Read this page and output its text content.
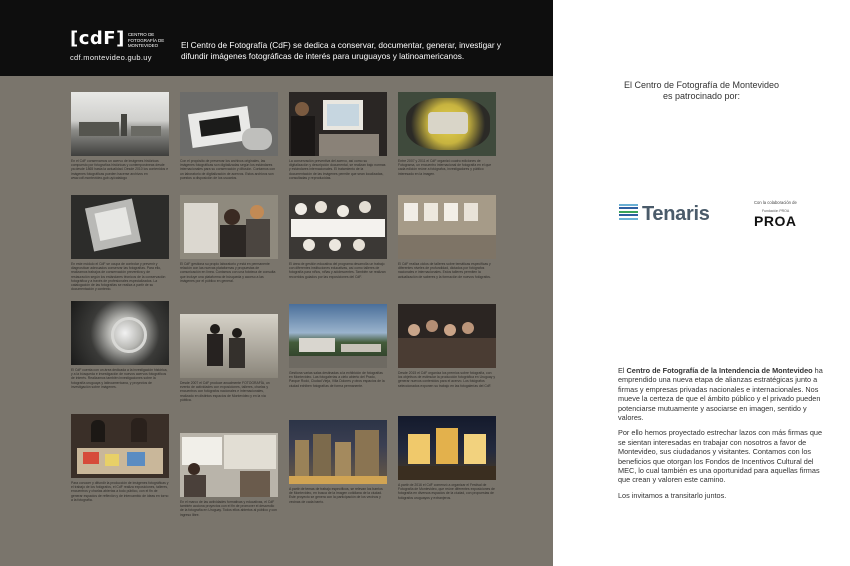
[cdF] CENTRO DE FOTOGRAFÍA DE MONTEVIDEO
cdf.montevideo.gub.uy
El Centro de Fotografía (CdF) se dedica a conservar, documentar, generar, investigar y difundir imágenes fotográficas de interés para uruguayos y latinoamericanos.
En el CdF conservamos un acervo de imágenes históricas compuesto por fotografías históricas y contemporáneas desde ya desde 1865 hasta la actualidad. Desde 2010 los contenidos e imágenes fotográficas pueden hacerse archivos en www.cdf.montevideo.gub.uy/catalogo
En este módulo el CdF se ocupa de controlar y prevenir y diagnosticar adecuados conservar las fotografías. Para ello, realizamos trabajos de conservación preventiva y de restauración según los estándares técnicos de la conservación fotográfica y a través de profesionales especializados. La catalogación de las fotografías se realiza a partir de su documentación y contexto.
El CdF cuenta con un área dedicada a la investigación histórica, y a la búsqueda e investigación de nuevos acervos fotográficos de interés. Realizamos también investigaciones sobre la fotografía uruguaya y latinoamericana, y proyectos de investigación sobre imágenes.
Para conocer y difundir la producción de imágenes fotográficas y el trabajo de los fotógrafos, el CdF realiza exposiciones, talleres, encuentros y charlas abiertas a todo público, con el fin de generar espacios de reflexión y de intercambio de ideas en torno a la fotografía.
Con el propósito de preservar los archivos originales, las imágenes fotográficas son digitalizadas según los estándares internacionales para su conservación y difusión. Contamos con un laboratorio de digitalización de acervos. Estos archivos son puestos a disposición de los usuarios.
El CdF gestiona su propio laboratorio y está en permanente relación con las nuevas plataformas y propuestas de comunicación en línea. Contamos con una fototeca de consulta que incluye una plataforma de búsqueda y acceso a las imágenes por el público en general.
Desde 2007 el CdF produce anualmente FOTOGRAFÍA, un evento de actividades con exposiciones, talleres, charlas y encuentros con fotógrafos nacionales e internacionales, realizado en distintos espacios de Montevideo y en la vía pública.
En el marco de las actividades formativas y educativas, el CdF también acciona proyectos con el fin de promover el desarrollo de la fotografía en Uruguay. Todos ellos abiertos al público y con ingreso libre.
La conservación preventiva del acervo, así como su digitalización y descripción documental, se realizan bajo normas y estándares internacionales. El tratamiento de la documentación de las imágenes permite que sean localizadas, consultadas y reproducidas.
El área de gestión educativa del programa desarrolla un trabajo con diferentes instituciones educativas, así como talleres de fotografía para niños, niñas y adolescentes. También se realizan recorridos guiados por las exposiciones del CdF.
Gestiona varias salas destinadas a la exhibición de fotografías en Montevideo. Las fotogalerías a cielo abierto del Prado, Parque Rodó, Ciudad Vieja, Villa Dolores y otros espacios de la ciudad exhiben fotografías de forma permanente.
A partir de temas de trabajo específicos, se relevan los barrios de Montevideo, en busca de la imagen cotidiana de la ciudad. Este proyecto se genera con la participación de los vecinos y vecinas de cada barrio.
Entre 2007 y 2011 el CdF organizó cuatro ediciones de Fotograma, un encuentro internacional de fotografía en el que cada edición reúne a fotógrafos, investigadores y público interesado en la imagen.
El CdF realiza ciclos de talleres sobre temáticas específicas y diferentes niveles de profundidad, dictados por fotógrafos nacionales e internacionales. Estos talleres permiten la actualización de saberes y la formación de nuevos fotógrafos.
Desde 2015 el CdF organiza los premios sobre fotografía, con los objetivos de estimular la producción fotográfica en Uruguay y generar nuevos contenidos para el acervo. Los fotógrafos seleccionados exponen su trabajo en las fotogalerías del CdF.
A partir de 2016 el CdF comenzó a organizar el Festival de Fotografía de Montevideo, que reúne diferentes exposiciones de fotografía en diversos espacios de la ciudad, con propuestas de fotógrafos uruguayos y extranjeros.
El Centro de Fotografía de Montevideo
es patrocinado por:
Tenaris
Con la colaboración de
Fundación PROA
PROA

El Centro de Fotografía de la Intendencia de Montevideo ha emprendido una nueva etapa de alianzas estratégicas junto a firmas y empresas privadas nacionales e internacionales. Nos mueve la certeza de que el ámbito público y el privado pueden potenciarse mutuamente y asociarse en imagen, sentido y valores.

Por ello hemos proyectado estrechar lazos con más firmas que se sientan interesadas en trabajar con nosotros a favor de Montevideo, sus ciudadanos y visitantes. Contamos con los beneficios que otorgan los Fondos de Incentivos Cultural del MEC, lo cual también es una oportunidad para aquellas firmas que crean y valoren este camino.

Los invitamos a transitarlo juntos.
